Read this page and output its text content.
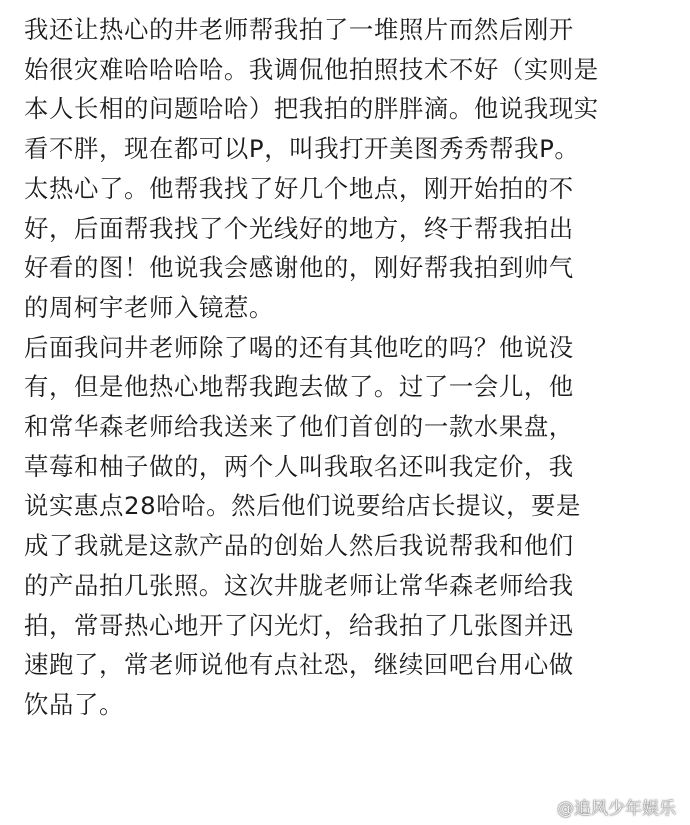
我还让热心的井老师帮我拍了一堆照片而然后刚开
始很灾难哈哈哈哈。我调侃他拍照技术不好（实则是
本人长相的问题哈哈）把我拍的胖胖滴。他说我现实
看不胖，现在都可以P，叫我打开美图秀秀帮我P。
太热心了。他帮我找了好几个地点，刚开始拍的不
好，后面帮我找了个光线好的地方，终于帮我拍出
好看的图！他说我会感谢他的，刚好帮我拍到帅气
的周柯宇老师入镜惹。

后面我问井老师除了喝的还有其他吃的吗？他说没
有，但是他热心地帮我跑去做了。过了一会儿，他
和常华森老师给我送来了他们首创的一款水果盘，
草莓和柚子做的，两个人叫我取名还叫我定价，我
说实惠点28哈哈。然后他们说要给店长提议，要是
成了我就是这款产品的创始人然后我说帮我和他们
的产品拍几张照。这次井胧老师让常华森老师给我
拍，常哥热心地开了闪光灯，给我拍了几张图并迅
速跑了，常老师说他有点社恐，继续回吧台用心做
饮品了。

@追风少年娱乐
